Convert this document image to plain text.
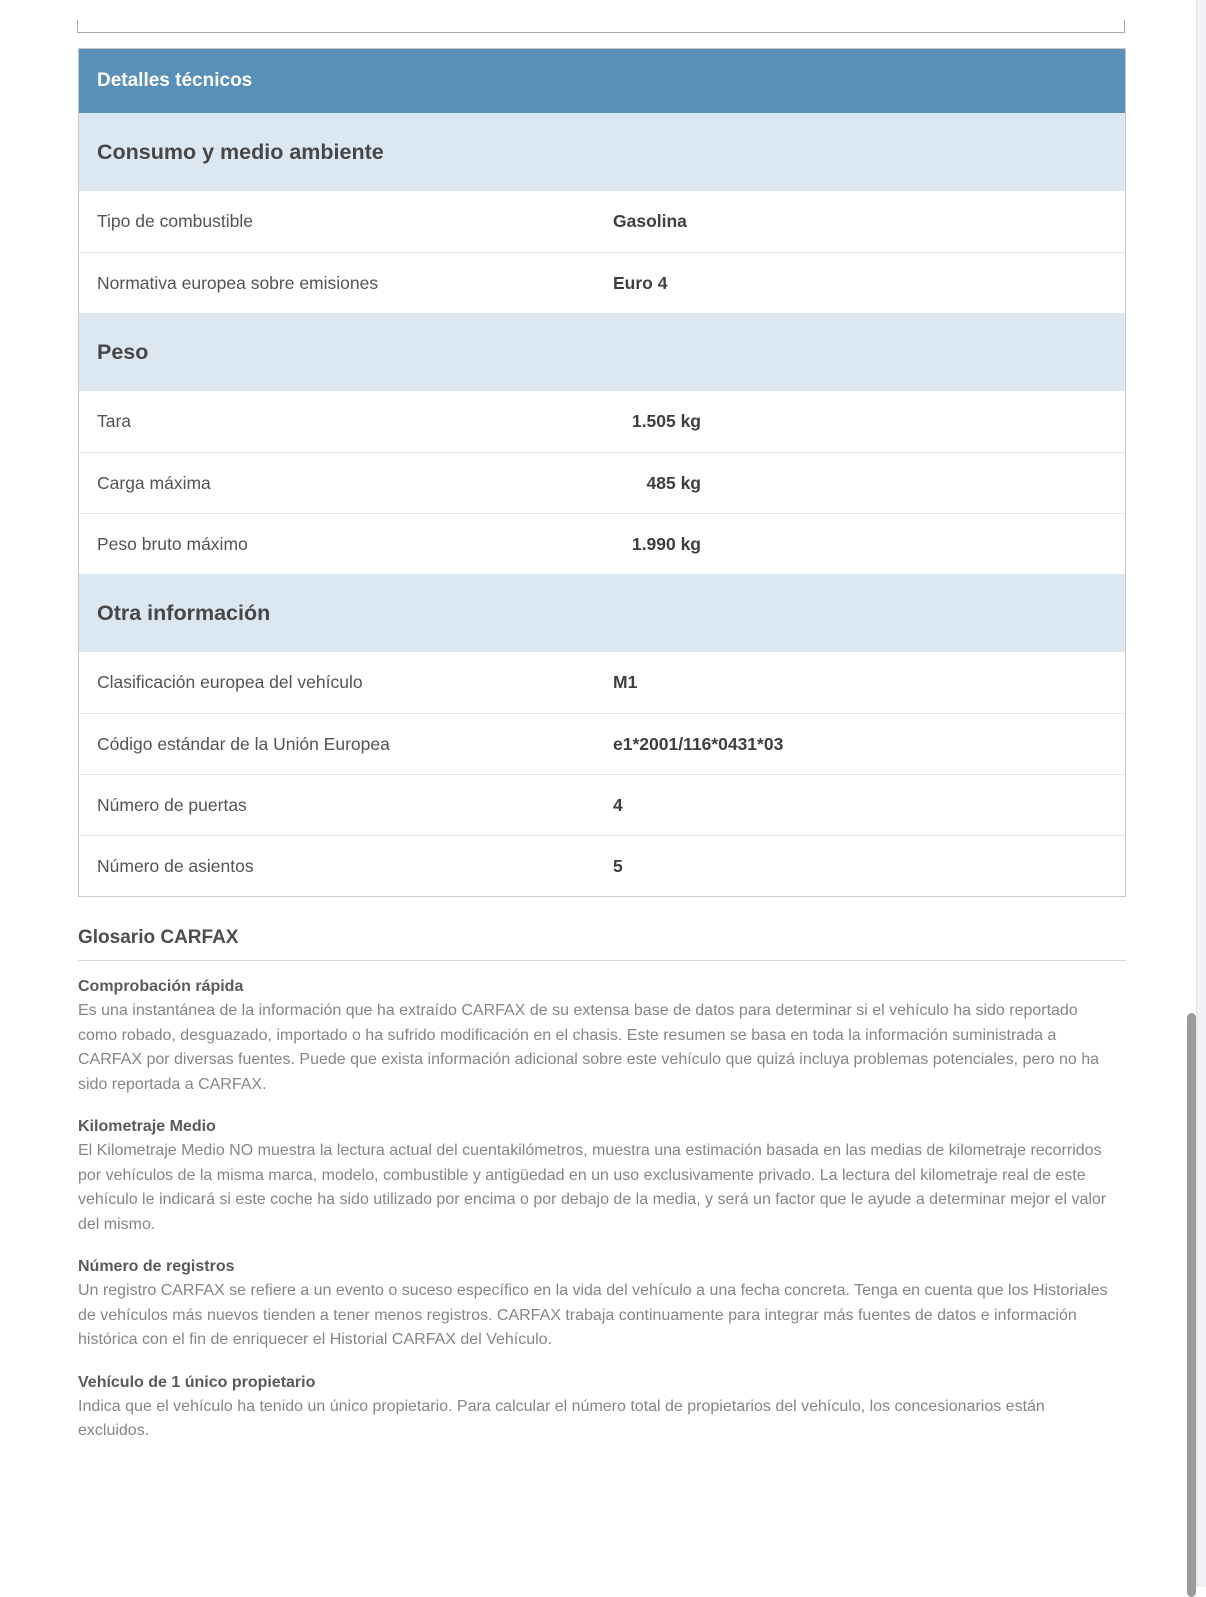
Detalles técnicos
Consumo y medio ambiente
Tipo de combustible	Gasolina
Normativa europea sobre emisiones	Euro 4
Peso
Tara	1.505 kg
Carga máxima	485 kg
Peso bruto máximo	1.990 kg
Otra información
Clasificación europea del vehículo	M1
Código estándar de la Unión Europea	e1*2001/116*0431*03
Número de puertas	4
Número de asientos	5
Glosario CARFAX
Comprobación rápida
Es una instantánea de la información que ha extraído CARFAX de su extensa base de datos para determinar si el vehículo ha sido reportado como robado, desguazado, importado o ha sufrido modificación en el chasis. Este resumen se basa en toda la información suministrada a CARFAX por diversas fuentes. Puede que exista información adicional sobre este vehículo que quizá incluya problemas potenciales, pero no ha sido reportada a CARFAX.
Kilometraje Medio
El Kilometraje Medio NO muestra la lectura actual del cuentakilómetros, muestra una estimación basada en las medias de kilometraje recorridos por vehículos de la misma marca, modelo, combustible y antigüedad en un uso exclusivamente privado. La lectura del kilometraje real de este vehículo le indicará si este coche ha sido utilizado por encima o por debajo de la media, y será un factor que le ayude a determinar mejor el valor del mismo.
Número de registros
Un registro CARFAX se refiere a un evento o suceso específico en la vida del vehículo a una fecha concreta. Tenga en cuenta que los Historiales de vehículos más nuevos tienden a tener menos registros. CARFAX trabaja continuamente para integrar más fuentes de datos e información histórica con el fin de enriquecer el Historial CARFAX del Vehículo.
Vehículo de 1 único propietario
Indica que el vehículo ha tenido un único propietario. Para calcular el número total de propietarios del vehículo, los concesionarios están excluidos.
